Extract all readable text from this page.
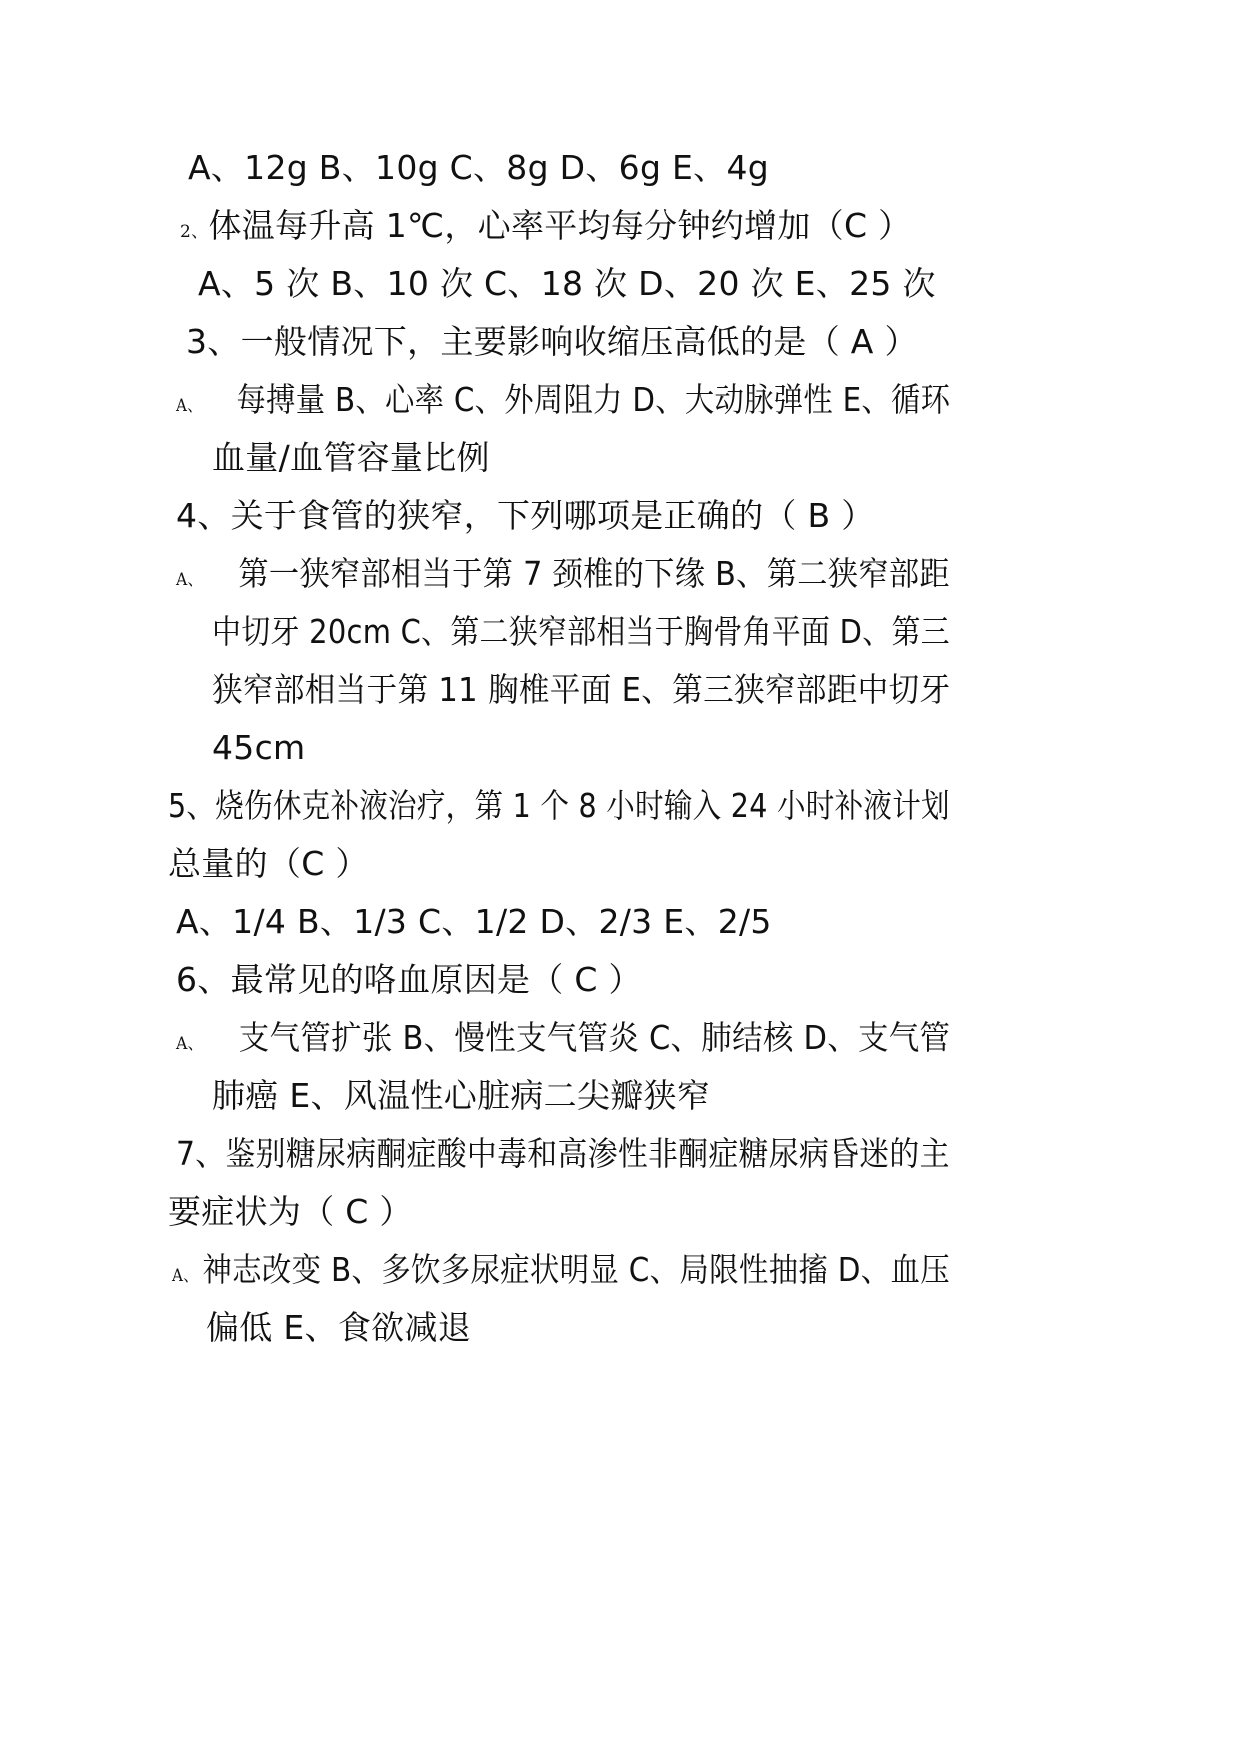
A、12g B、10g C、8g D、6g E、4g
2、体温每升高 1℃，心率平均每分钟约增加（C ）
A、5 次 B、10 次 C、18 次 D、20 次 E、25 次
3、一般情况下，主要影响收缩压高低的是（ A ）
A、 每搏量 B、心率 C、外周阻力 D、大动脉弹性 E、循环
血量/血管容量比例
4、关于食管的狭窄，下列哪项是正确的（ B ）
A、 第一狭窄部相当于第 7 颈椎的下缘 B、第二狭窄部距
中切牙 20cm C、第二狭窄部相当于胸骨角平面 D、第三
狭窄部相当于第 11 胸椎平面 E、第三狭窄部距中切牙
45cm
5、烧伤休克补液治疗，第 1 个 8 小时输入 24 小时补液计划
总量的（C ）
A、1/4 B、1/3 C、1/2 D、2/3 E、2/5
6、最常见的咯血原因是（ C ）
A、 支气管扩张 B、慢性支气管炎 C、肺结核 D、支气管
肺癌 E、风温性心脏病二尖瓣狭窄
7、鉴别糖尿病酮症酸中毒和高渗性非酮症糖尿病昏迷的主
要症状为（ C ）
A、 神志改变 B、多饮多尿症状明显 C、局限性抽搐 D、血压
偏低 E、食欲减退
